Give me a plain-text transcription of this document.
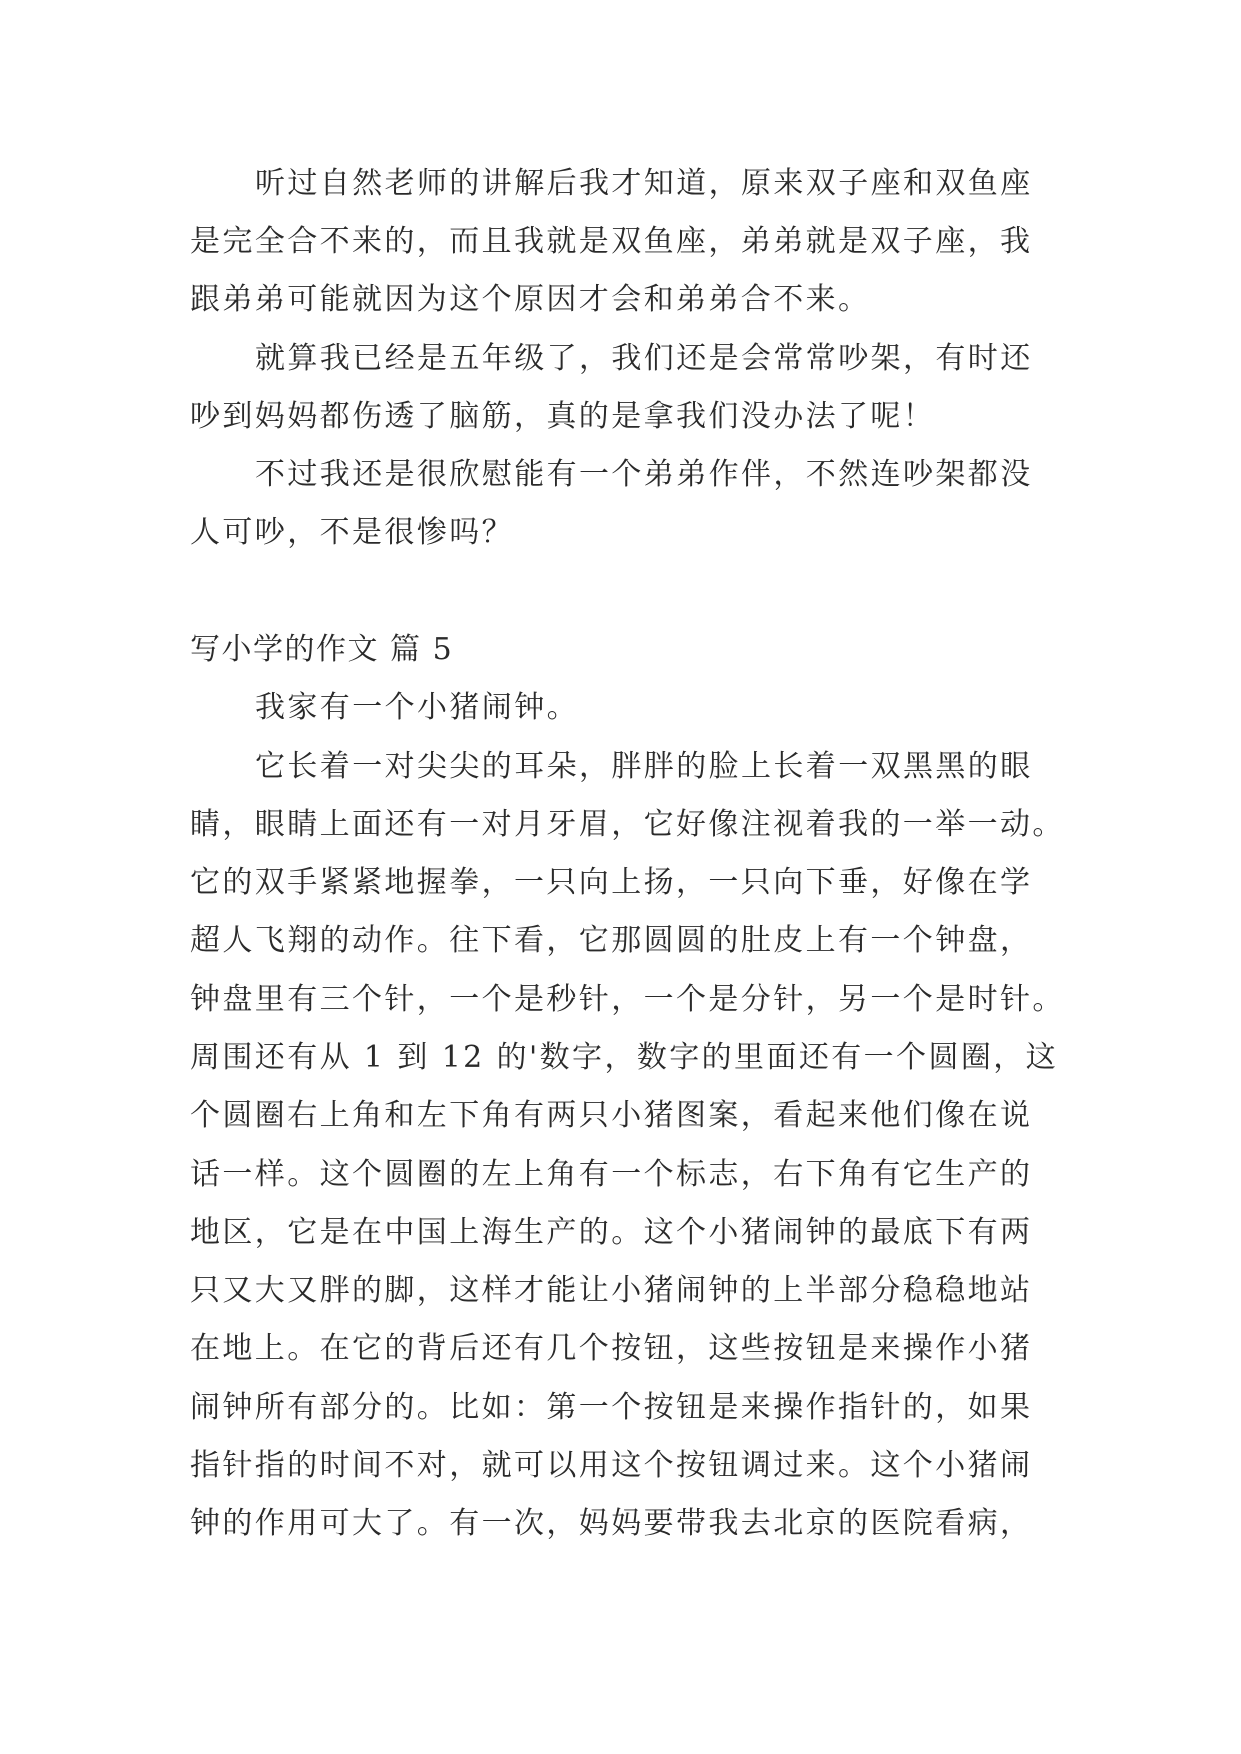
听过自然老师的讲解后我才知道，原来双子座和双鱼座
是完全合不来的，而且我就是双鱼座，弟弟就是双子座，我
跟弟弟可能就因为这个原因才会和弟弟合不来。
就算我已经是五年级了，我们还是会常常吵架，有时还
吵到妈妈都伤透了脑筋，真的是拿我们没办法了呢！
不过我还是很欣慰能有一个弟弟作伴，不然连吵架都没
人可吵，不是很惨吗？
写小学的作文 篇 5
我家有一个小猪闹钟。
它长着一对尖尖的耳朵，胖胖的脸上长着一双黑黑的眼
睛，眼睛上面还有一对月牙眉，它好像注视着我的一举一动。
它的双手紧紧地握拳，一只向上扬，一只向下垂，好像在学
超人飞翔的动作。往下看，它那圆圆的肚皮上有一个钟盘，
钟盘里有三个针，一个是秒针，一个是分针，另一个是时针。
周围还有从 1 到 12 的'数字，数字的里面还有一个圆圈，这
个圆圈右上角和左下角有两只小猪图案，看起来他们像在说
话一样。这个圆圈的左上角有一个标志，右下角有它生产的
地区，它是在中国上海生产的。这个小猪闹钟的最底下有两
只又大又胖的脚，这样才能让小猪闹钟的上半部分稳稳地站
在地上。在它的背后还有几个按钮，这些按钮是来操作小猪
闹钟所有部分的。比如：第一个按钮是来操作指针的，如果
指针指的时间不对，就可以用这个按钮调过来。这个小猪闹
钟的作用可大了。有一次，妈妈要带我去北京的医院看病，
